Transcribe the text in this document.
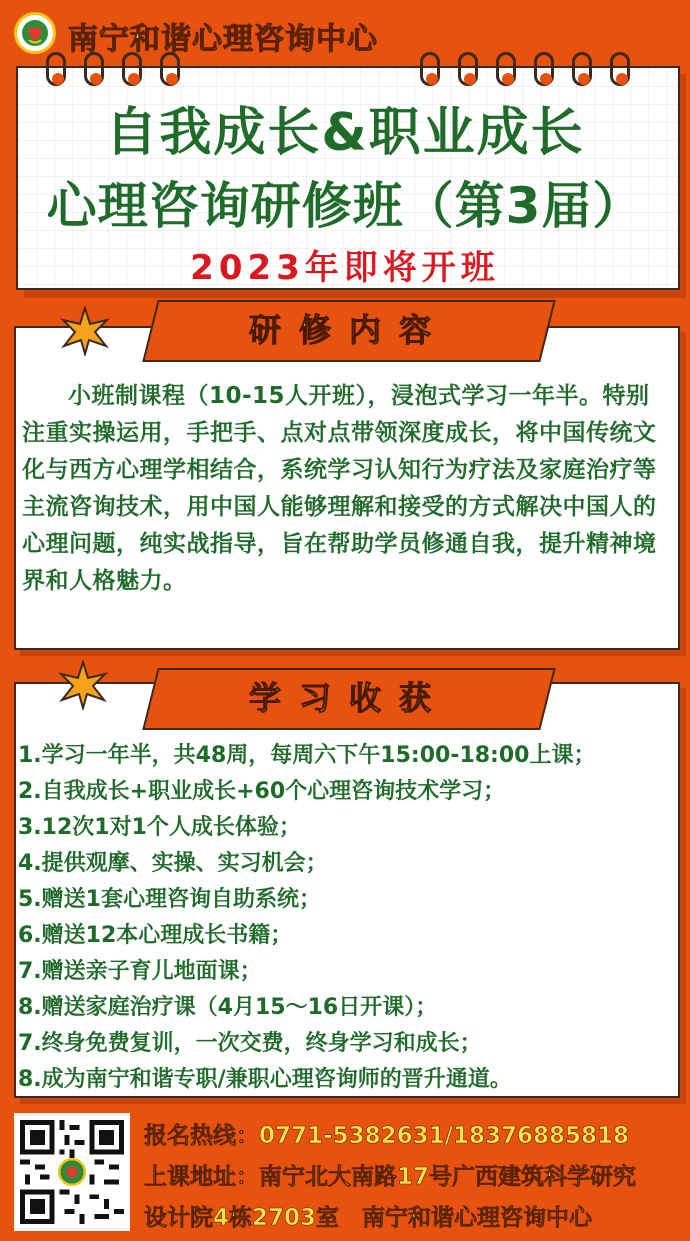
南宁和谐心理咨询中心
自我成长&职业成长
心理咨询研修班（第3届）
2023年即将开班
研修内容
小班制课程（10-15人开班），浸泡式学习一年半。特别注重实操运用，手把手、点对点带领深度成长，将中国传统文化与西方心理学相结合，系统学习认知行为疗法及家庭治疗等主流咨询技术，用中国人能够理解和接受的方式解决中国人的心理问题，纯实战指导，旨在帮助学员修通自我，提升精神境界和人格魅力。
学习收获
1.学习一年半，共48周，每周六下午15:00-18:00上课；
2.自我成长+职业成长+60个心理咨询技术学习；
3.12次1对1个人成长体验；
4.提供观摩、实操、实习机会；
5.赠送1套心理咨询自助系统；
6.赠送12本心理成长书籍；
7.赠送亲子育儿地面课；
8.赠送家庭治疗课（4月15～16日开课）；
7.终身免费复训，一次交费，终身学习和成长；
8.成为南宁和谐专职/兼职心理咨询师的晋升通道。
报名热线：0771-5382631/18376885818
上课地址：南宁北大南路17号广西建筑科学研究
设计院4栋2703室　南宁和谐心理咨询中心
